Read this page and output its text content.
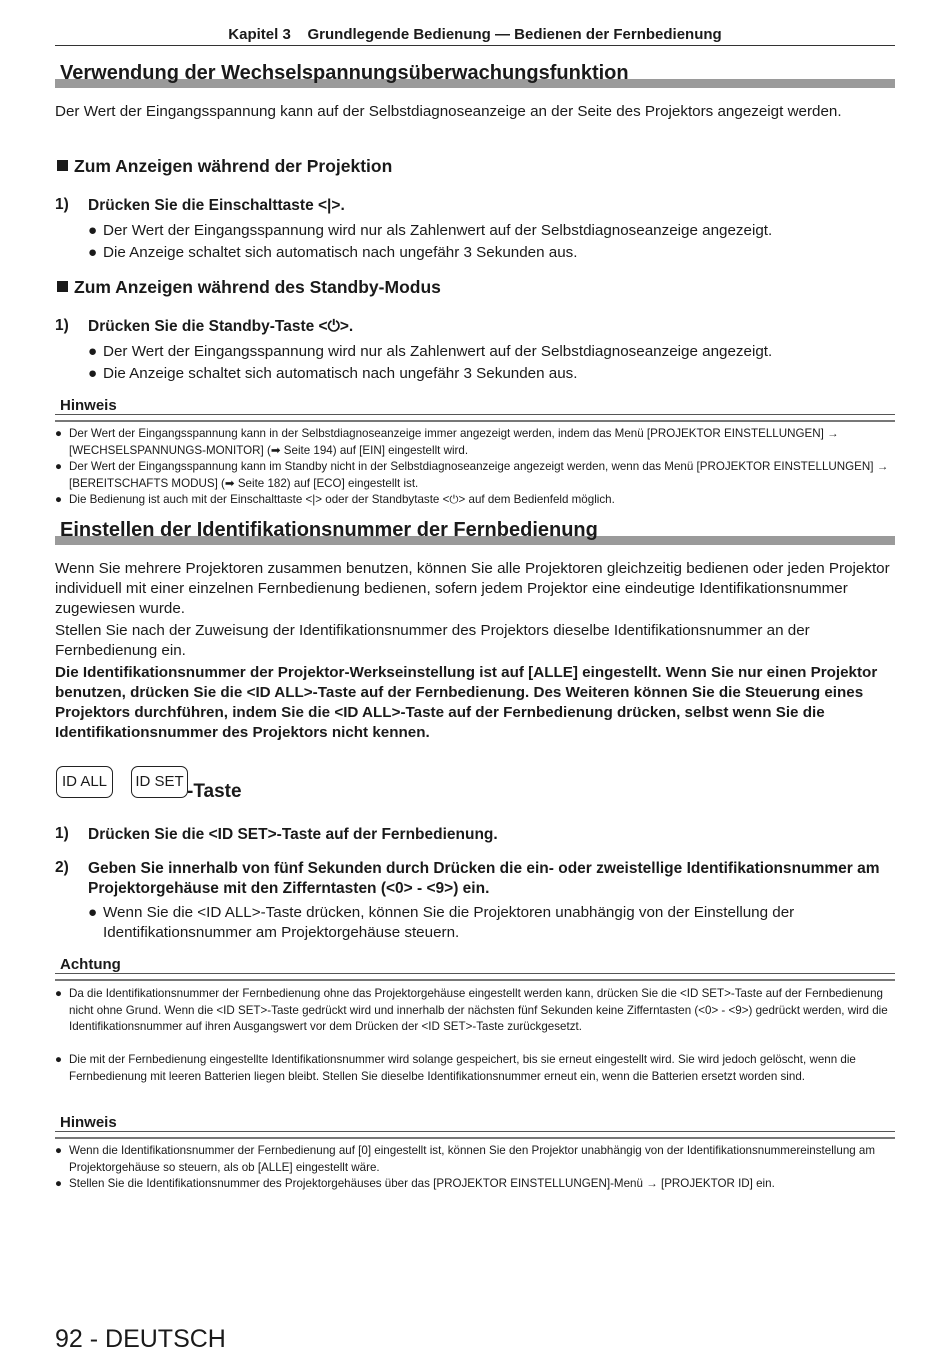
Kapitel 3    Grundlegende Bedienung — Bedienen der Fernbedienung
Verwendung der Wechselspannungsüberwachungsfunktion
Der Wert der Eingangsspannung kann auf der Selbstdiagnoseanzeige an der Seite des Projektors angezeigt werden.
Zum Anzeigen während der Projektion
1) Drücken Sie die Einschalttaste <|>.
● Der Wert der Eingangsspannung wird nur als Zahlenwert auf der Selbstdiagnoseanzeige angezeigt.
● Die Anzeige schaltet sich automatisch nach ungefähr 3 Sekunden aus.
Zum Anzeigen während des Standby-Modus
1) Drücken Sie die Standby-Taste <⏻>.
● Der Wert der Eingangsspannung wird nur als Zahlenwert auf der Selbstdiagnoseanzeige angezeigt.
● Die Anzeige schaltet sich automatisch nach ungefähr 3 Sekunden aus.
Hinweis
● Der Wert der Eingangsspannung kann in der Selbstdiagnoseanzeige immer angezeigt werden, indem das Menü [PROJEKTOR EINSTELLUNGEN] → [WECHSELSPANNUNGS-MONITOR] (➡ Seite 194) auf [EIN] eingestellt wird.
● Der Wert der Eingangsspannung kann im Standby nicht in der Selbstdiagnoseanzeige angezeigt werden, wenn das Menü [PROJEKTOR EINSTELLUNGEN] → [BEREITSCHAFTS MODUS] (➡ Seite 182) auf [ECO] eingestellt ist.
● Die Bedienung ist auch mit der Einschalttaste <|> oder der Standbytaste <⏻> auf dem Bedienfeld möglich.
Einstellen der Identifikationsnummer der Fernbedienung
Wenn Sie mehrere Projektoren zusammen benutzen, können Sie alle Projektoren gleichzeitig bedienen oder jeden Projektor individuell mit einer einzelnen Fernbedienung bedienen, sofern jedem Projektor eine eindeutige Identifikationsnummer zugewiesen wurde.
Stellen Sie nach der Zuweisung der Identifikationsnummer des Projektors dieselbe Identifikationsnummer an der Fernbedienung ein.
Die Identifikationsnummer der Projektor-Werkseinstellung ist auf [ALLE] eingestellt. Wenn Sie nur einen Projektor benutzen, drücken Sie die <ID ALL>-Taste auf der Fernbedienung. Des Weiteren können Sie die Steuerung eines Projektors durchführen, indem Sie die <ID ALL>-Taste auf der Fernbedienung drücken, selbst wenn Sie die Identifikationsnummer des Projektors nicht kennen.
ID ALL	ID SET -Taste
1) Drücken Sie die <ID SET>-Taste auf der Fernbedienung.
2) Geben Sie innerhalb von fünf Sekunden durch Drücken die ein- oder zweistellige Identifikationsnummer am Projektorgehäuse mit den Zifferntasten (<0> - <9>) ein.
● Wenn Sie die <ID ALL>-Taste drücken, können Sie die Projektoren unabhängig von der Einstellung der Identifikationsnummer am Projektorgehäuse steuern.
Achtung
● Da die Identifikationsnummer der Fernbedienung ohne das Projektorgehäuse eingestellt werden kann, drücken Sie die <ID SET>-Taste auf der Fernbedienung nicht ohne Grund. Wenn die <ID SET>-Taste gedrückt wird und innerhalb der nächsten fünf Sekunden keine Zifferntasten (<0> - <9>) gedrückt werden, wird die Identifikationsnummer auf ihren Ausgangswert vor dem Drücken der <ID SET>-Taste zurückgesetzt.
● Die mit der Fernbedienung eingestellte Identifikationsnummer wird solange gespeichert, bis sie erneut eingestellt wird. Sie wird jedoch gelöscht, wenn die Fernbedienung mit leeren Batterien liegen bleibt. Stellen Sie dieselbe Identifikationsnummer erneut ein, wenn die Batterien ersetzt worden sind.
Hinweis
● Wenn die Identifikationsnummer der Fernbedienung auf [0] eingestellt ist, können Sie den Projektor unabhängig von der Identifikationsnummereinstellung am Projektorgehäuse so steuern, als ob [ALLE] eingestellt wäre.
● Stellen Sie die Identifikationsnummer des Projektorgehäuses über das [PROJEKTOR EINSTELLUNGEN]-Menü → [PROJEKTOR ID] ein.
92 - DEUTSCH
